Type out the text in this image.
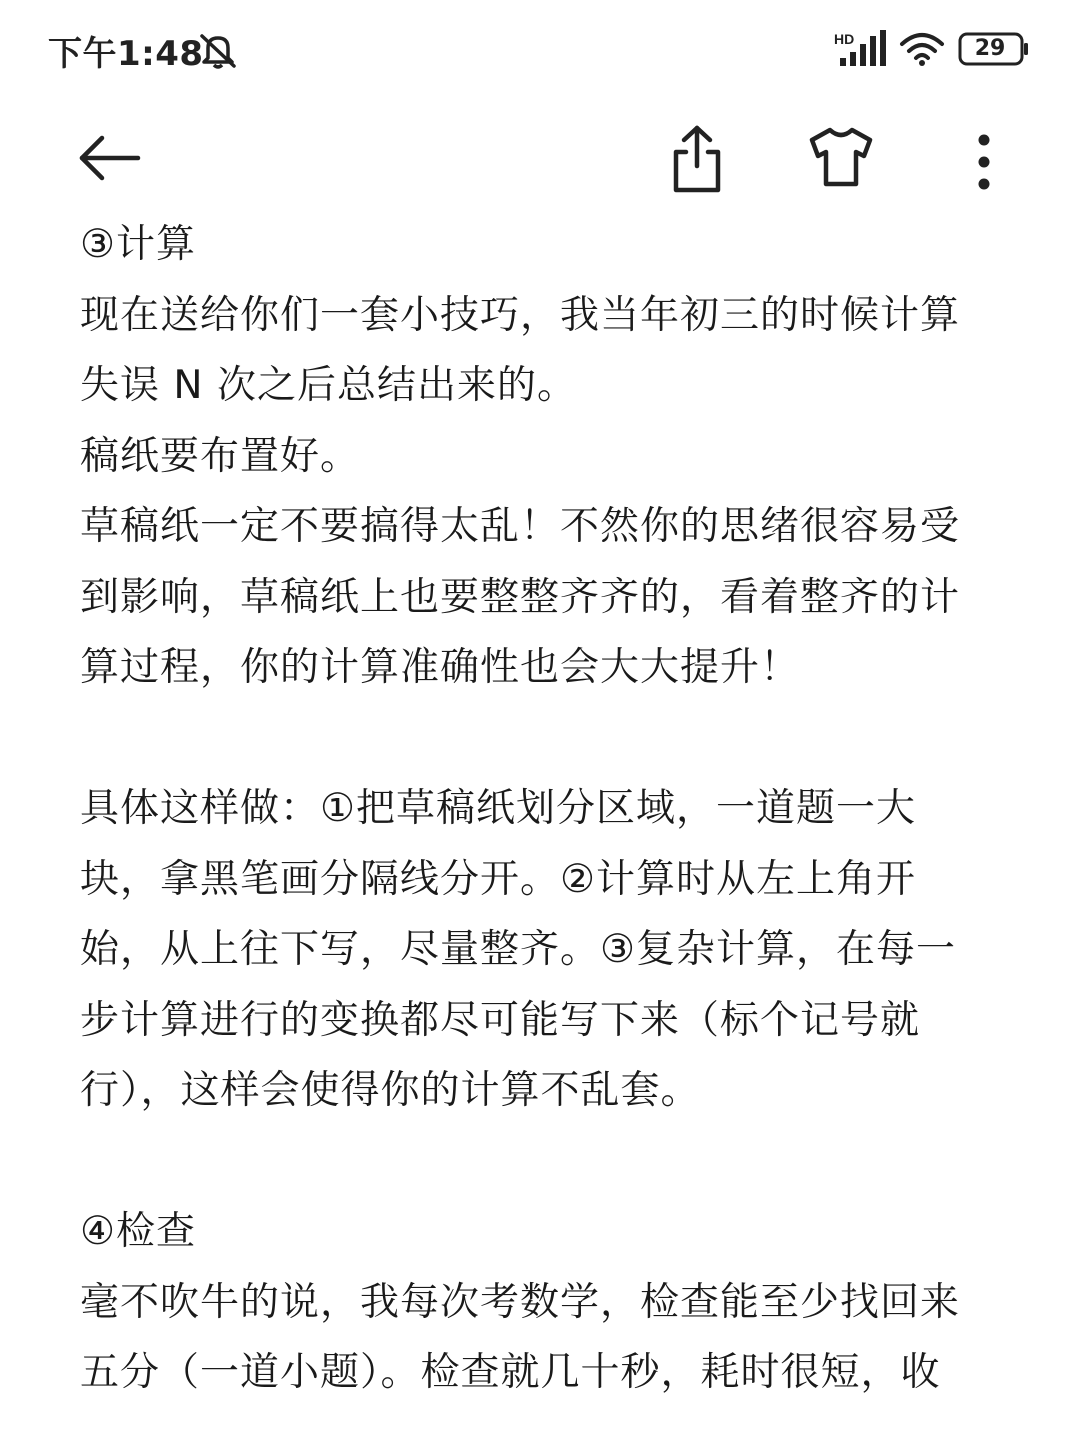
下午1:48	HD	29

③计算

现在送给你们一套小技巧，我当年初三的时候计算

失误 N 次之后总结出来的。

稿纸要布置好。

草稿纸一定不要搞得太乱！不然你的思绪很容易受

到影响，草稿纸上也要整整齐齐的，看着整齐的计

算过程，你的计算准确性也会大大提升！

具体这样做：①把草稿纸划分区域，一道题一大

块，拿黑笔画分隔线分开。②计算时从左上角开

始，从上往下写，尽量整齐。③复杂计算，在每一

步计算进行的变换都尽可能写下来（标个记号就

行），这样会使得你的计算不乱套。

④检查

毫不吹牛的说，我每次考数学，检查能至少找回来

五分（一道小题）。检查就几十秒，耗时很短，收
